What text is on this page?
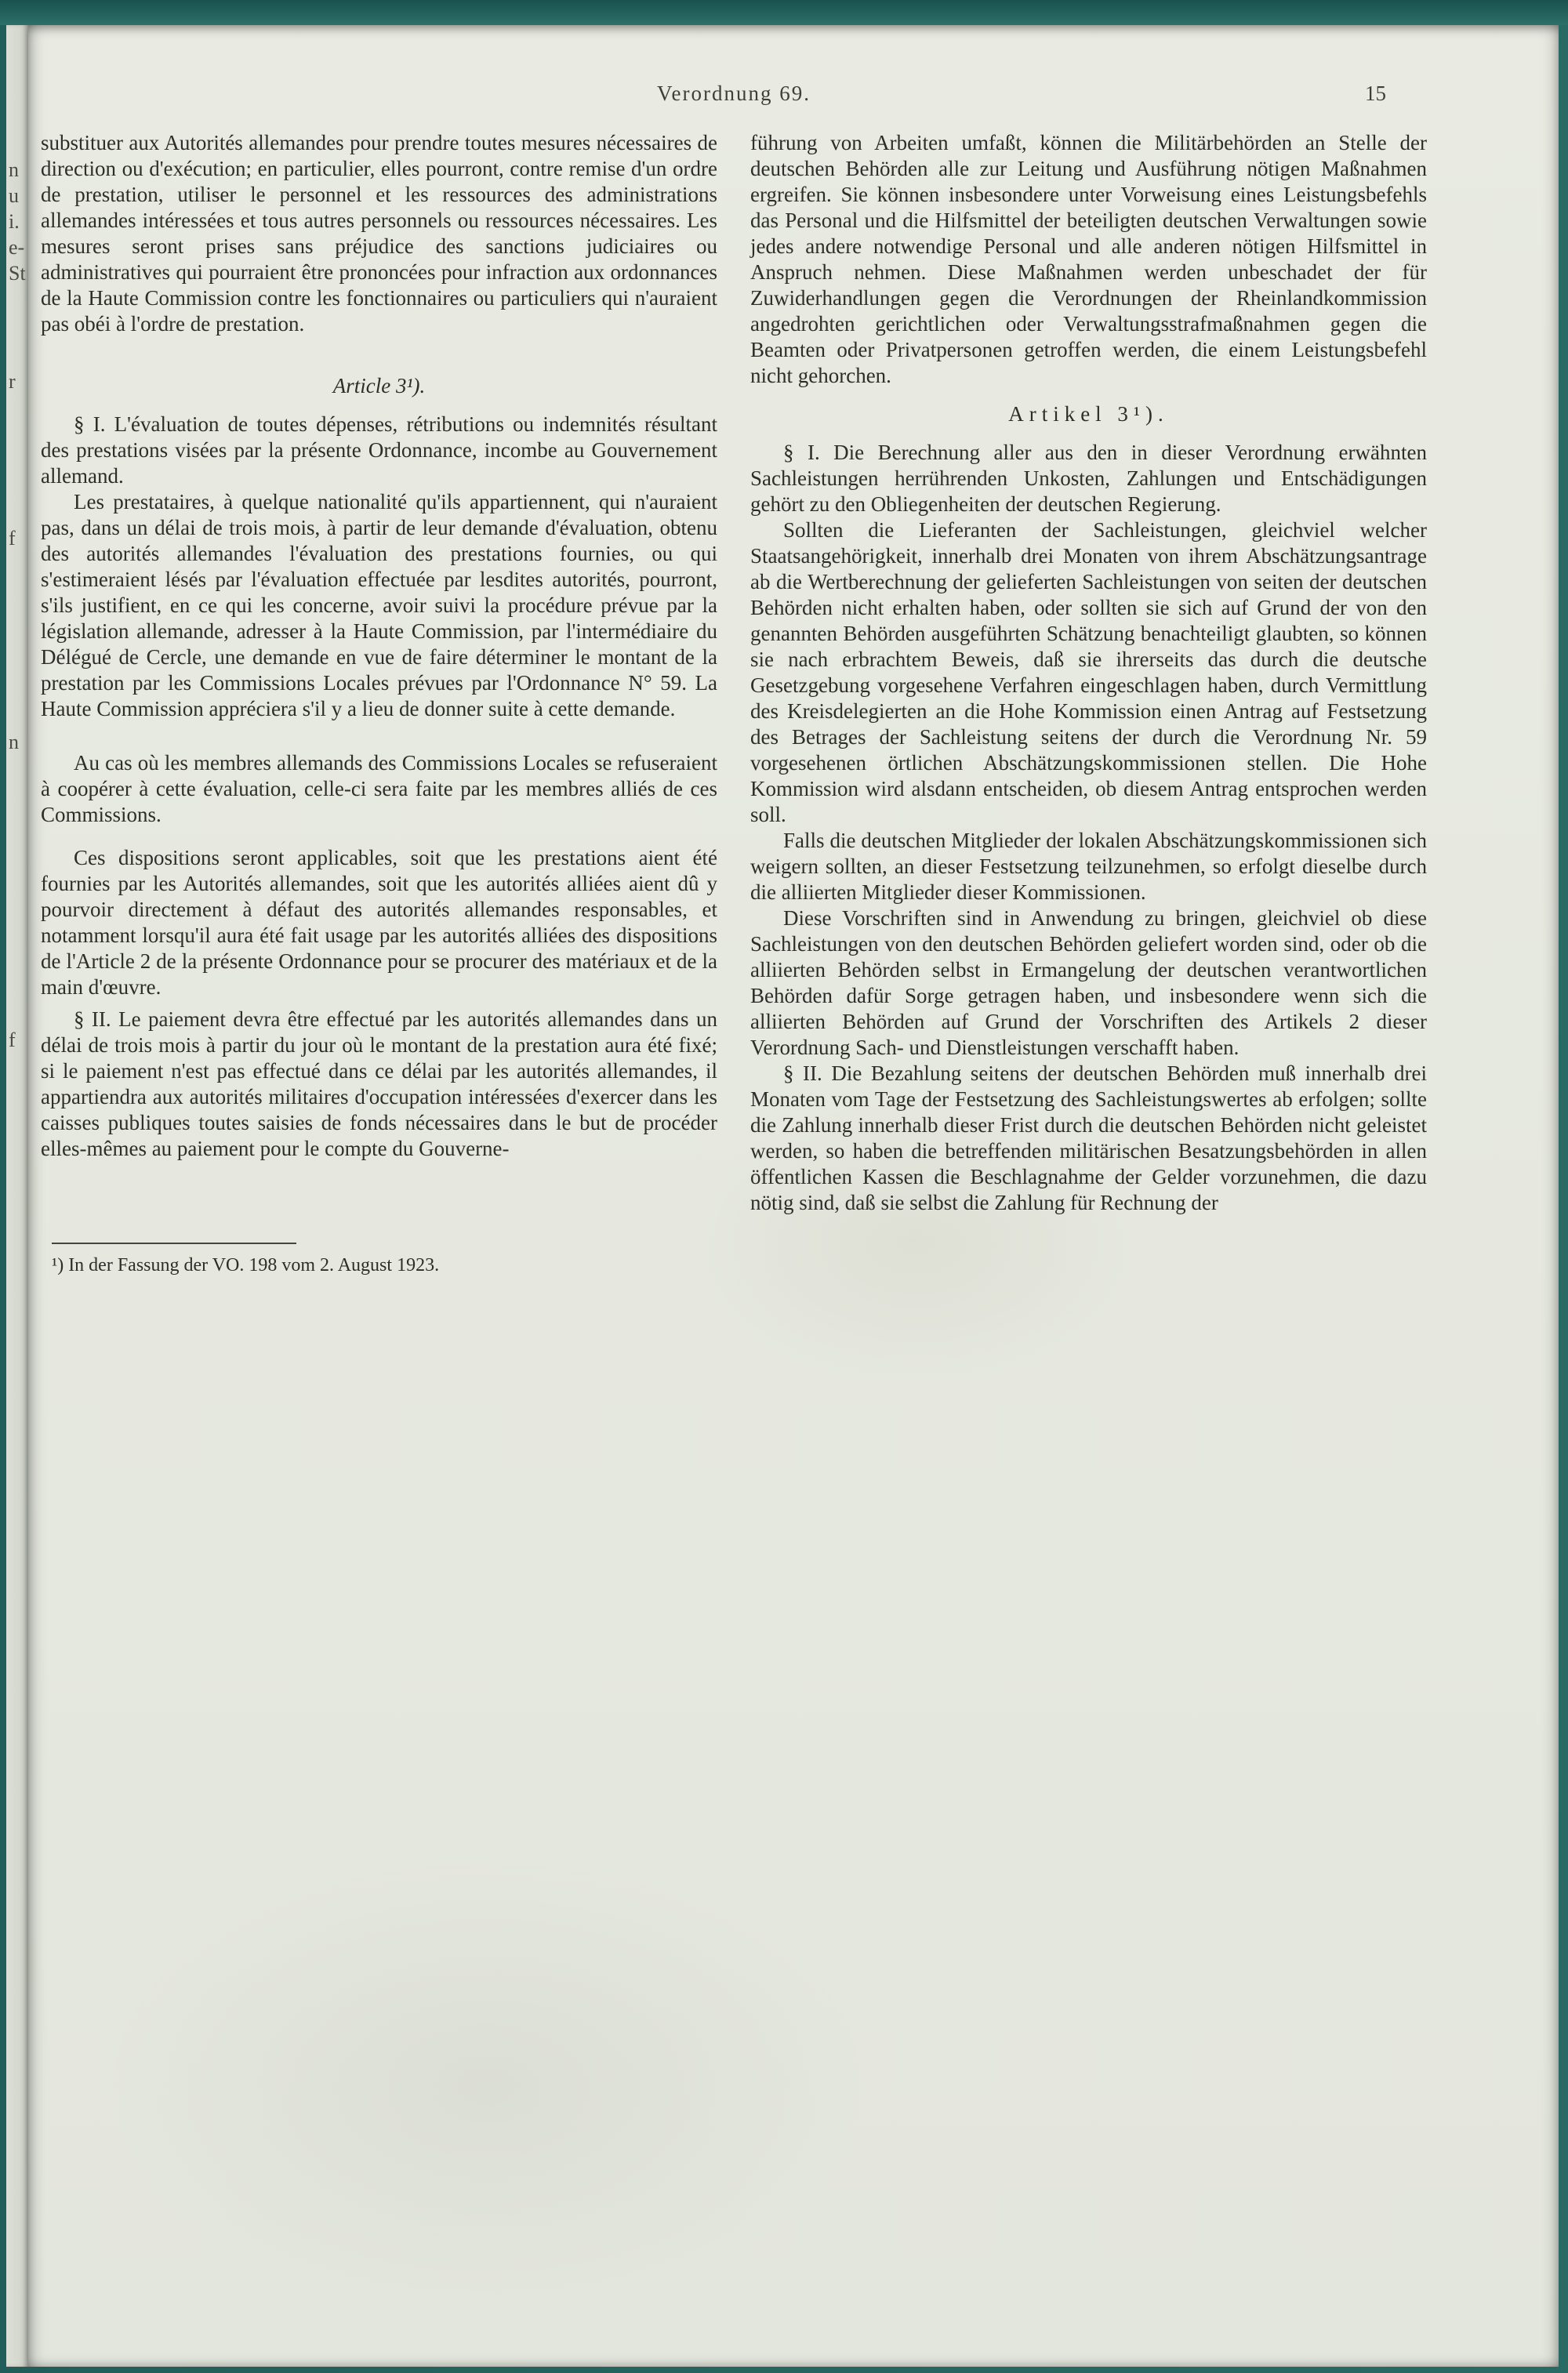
n
u
i.
e-
St
r
f
n
f
Verordnung 69.	15

substituer aux Autorités allemandes pour prendre toutes mesures nécessaires de direction ou d'exécution; en particulier, elles pourront, contre remise d'un ordre de prestation, utiliser le personnel et les ressources des administrations allemandes intéressées et tous autres personnels ou ressources nécessaires. Les mesures seront prises sans préjudice des sanctions judiciaires ou administratives qui pourraient être prononcées pour infraction aux ordonnances de la Haute Commission contre les fonctionnaires ou particuliers qui n'auraient pas obéi à l'ordre de prestation.

Article 3¹).

§ I. L'évaluation de toutes dépenses, rétributions ou indemnités résultant des prestations visées par la présente Ordonnance, incombe au Gouvernement allemand.

Les prestataires, à quelque nationalité qu'ils appartiennent, qui n'auraient pas, dans un délai de trois mois, à partir de leur demande d'évaluation, obtenu des autorités allemandes l'évaluation des prestations fournies, ou qui s'estimeraient lésés par l'évaluation effectuée par lesdites autorités, pourront, s'ils justifient, en ce qui les concerne, avoir suivi la procédure prévue par la législation allemande, adresser à la Haute Commission, par l'intermédiaire du Délégué de Cercle, une demande en vue de faire déterminer le montant de la prestation par les Commissions Locales prévues par l'Ordonnance N° 59. La Haute Commission appréciera s'il y a lieu de donner suite à cette demande.

Au cas où les membres allemands des Commissions Locales se refuseraient à coopérer à cette évaluation, celle-ci sera faite par les membres alliés de ces Commissions.

Ces dispositions seront applicables, soit que les prestations aient été fournies par les Autorités allemandes, soit que les autorités alliées aient dû y pourvoir directement à défaut des autorités allemandes responsables, et notamment lorsqu'il aura été fait usage par les autorités alliées des dispositions de l'Article 2 de la présente Ordonnance pour se procurer des matériaux et de la main d'œuvre.

§ II. Le paiement devra être effectué par les autorités allemandes dans un délai de trois mois à partir du jour où le montant de la prestation aura été fixé; si le paiement n'est pas effectué dans ce délai par les autorités allemandes, il appartiendra aux autorités militaires d'occupation intéressées d'exercer dans les caisses publiques toutes saisies de fonds nécessaires dans le but de procéder elles-mêmes au paiement pour le compte du Gouverne-

führung von Arbeiten umfaßt, können die Militärbehörden an Stelle der deutschen Behörden alle zur Leitung und Ausführung nötigen Maßnahmen ergreifen. Sie können insbesondere unter Vorweisung eines Leistungsbefehls das Personal und die Hilfsmittel der beteiligten deutschen Verwaltungen sowie jedes andere notwendige Personal und alle anderen nötigen Hilfsmittel in Anspruch nehmen. Diese Maßnahmen werden unbeschadet der für Zuwiderhandlungen gegen die Verordnungen der Rheinlandkommission angedrohten gerichtlichen oder Verwaltungsstrafmaßnahmen gegen die Beamten oder Privatpersonen getroffen werden, die einem Leistungsbefehl nicht gehorchen.

Artikel 3¹).

§ I. Die Berechnung aller aus den in dieser Verordnung erwähnten Sachleistungen herrührenden Unkosten, Zahlungen und Entschädigungen gehört zu den Obliegenheiten der deutschen Regierung.

Sollten die Lieferanten der Sachleistungen, gleichviel welcher Staatsangehörigkeit, innerhalb drei Monaten von ihrem Abschätzungsantrage ab die Wertberechnung der gelieferten Sachleistungen von seiten der deutschen Behörden nicht erhalten haben, oder sollten sie sich auf Grund der von den genannten Behörden ausgeführten Schätzung benachteiligt glaubten, so können sie nach erbrachtem Beweis, daß sie ihrerseits das durch die deutsche Gesetzgebung vorgesehene Verfahren eingeschlagen haben, durch Vermittlung des Kreisdelegierten an die Hohe Kommission einen Antrag auf Festsetzung des Betrages der Sachleistung seitens der durch die Verordnung Nr. 59 vorgesehenen örtlichen Abschätzungskommissionen stellen. Die Hohe Kommission wird alsdann entscheiden, ob diesem Antrag entsprochen werden soll.

Falls die deutschen Mitglieder der lokalen Abschätzungskommissionen sich weigern sollten, an dieser Festsetzung teilzunehmen, so erfolgt dieselbe durch die alliierten Mitglieder dieser Kommissionen.

Diese Vorschriften sind in Anwendung zu bringen, gleichviel ob diese Sachleistungen von den deutschen Behörden geliefert worden sind, oder ob die alliierten Behörden selbst in Ermangelung der deutschen verantwortlichen Behörden dafür Sorge getragen haben, und insbesondere wenn sich die alliierten Behörden auf Grund der Vorschriften des Artikels 2 dieser Verordnung Sach- und Dienstleistungen verschafft haben.

§ II. Die Bezahlung seitens der deutschen Behörden muß innerhalb drei Monaten vom Tage der Festsetzung des Sachleistungswertes ab erfolgen; sollte die Zahlung innerhalb dieser Frist durch die deutschen Behörden nicht geleistet werden, so haben die betreffenden militärischen Besatzungsbehörden in allen öffentlichen Kassen die Beschlagnahme der Gelder vorzunehmen, die dazu nötig sind, daß sie selbst die Zahlung für Rechnung der

¹) In der Fassung der VO. 198 vom 2. August 1923.
